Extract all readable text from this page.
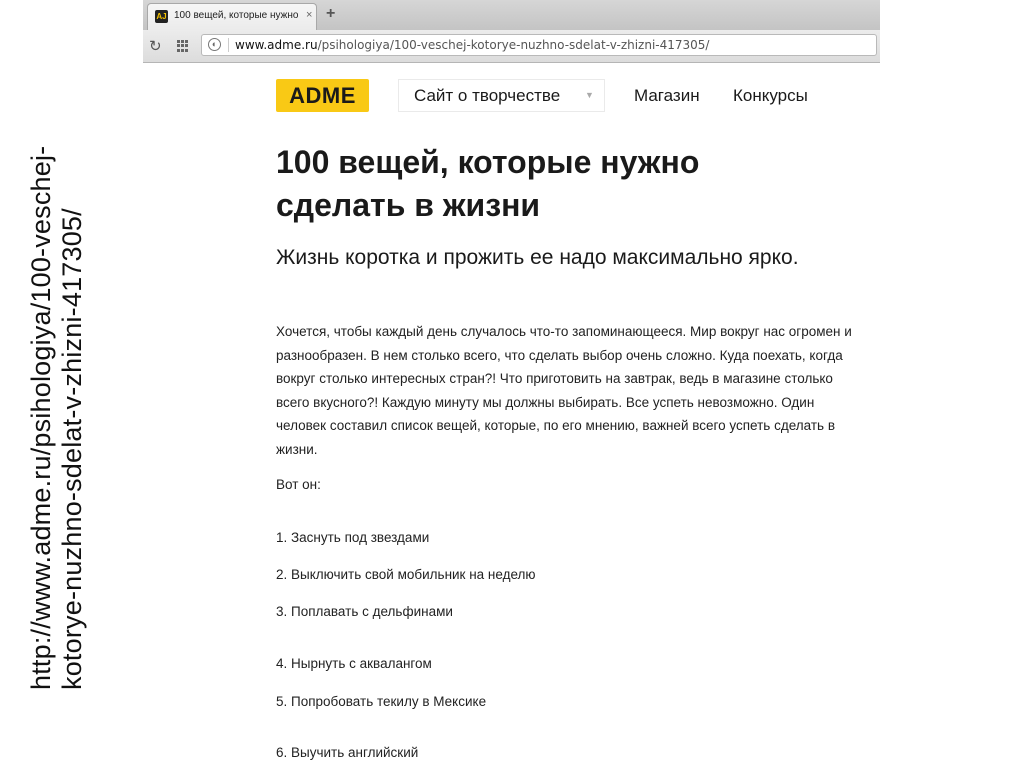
http://www.adme.ru/psihologiya/100-veschej- kotorye-nuzhno-sdelat-v-zhizni-417305/
AJ 100 вещей, которые нужно × +
↻	◐	www.adme.ru/psihologiya/100-veschej-kotorye-nuzhno-sdelat-v-zhizni-417305/
ADME	Сайт о творчестве	▼ Магазин Конкурсы
100 вещей, которые нужно
сделать в жизни
Жизнь коротка и прожить ее надо максимально ярко.
Хочется, чтобы каждый день случалось что-то запоминающееся. Мир вокруг нас огромен и разнообразен. В нем столько всего, что сделать выбор очень сложно. Куда поехать, когда вокруг столько интересных стран?! Что приготовить на завтрак, ведь в магазине столько всего вкусного?! Каждую минуту мы должны выбирать. Все успеть невозможно. Один человек составил список вещей, которые, по его мнению, важней всего успеть сделать в жизни.
Вот он:
1. Заснуть под звездами
2. Выключить свой мобильник на неделю
3. Поплавать с дельфинами
4. Нырнуть с аквалангом
5. Попробовать текилу в Мексике
6. Выучить английский
